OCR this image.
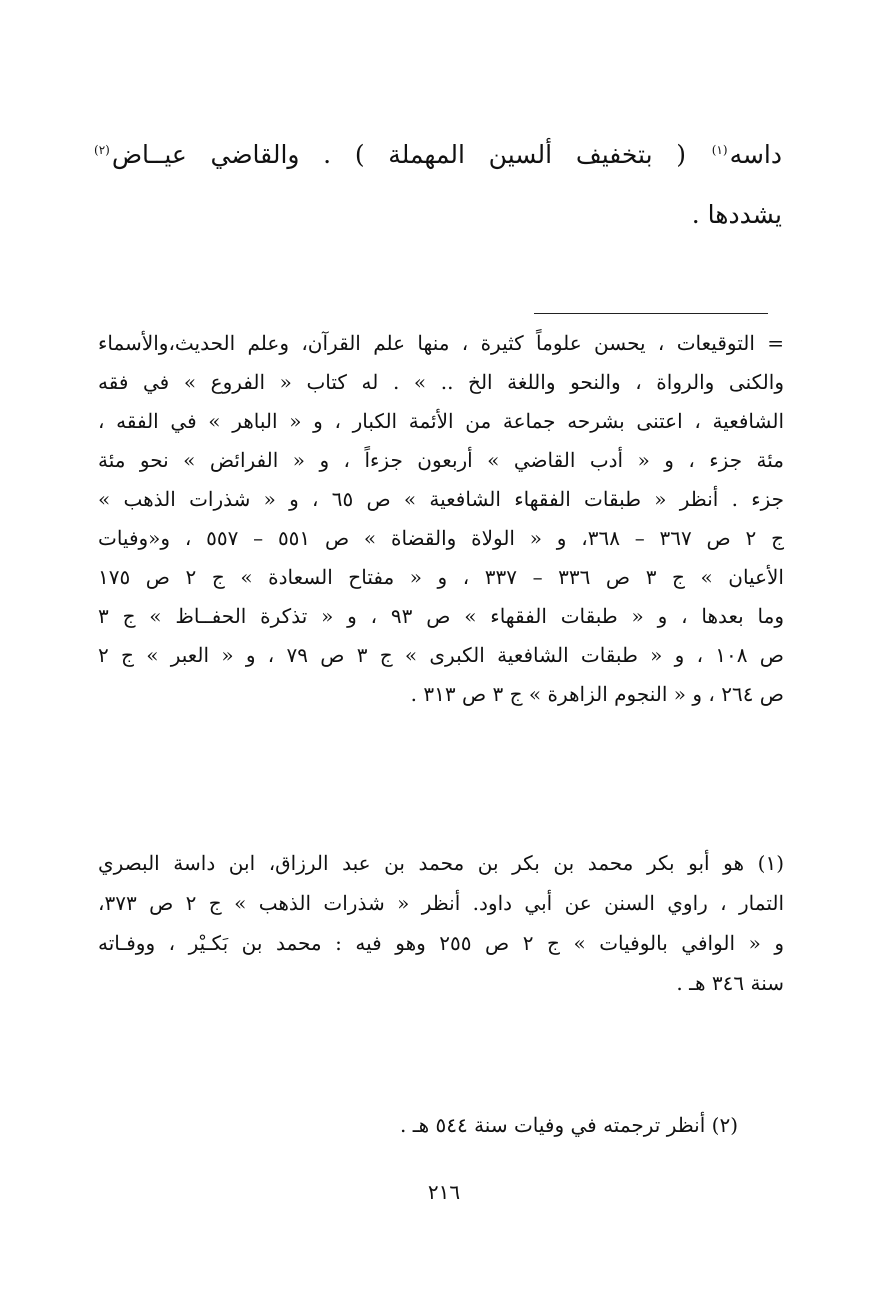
داسه$^{(١)}$ ( بتخفيف ألسين المهملة ) . والقاضي عيــاض$^{(٢)}$
يشددها .
= التوقيعات ، يحسن علوماً كثيرة ، منها علم القرآن، وعلم الحديث،والأسماء
والكنى والرواة ، والنحو واللغة الخ .. » . له كتاب « الفروع » في فقه
الشافعية ، اعتنى بشرحه جماعة من الأئمة الكبار ، و « الباهر » في الفقه ،
مئة جزء ، و « أدب القاضي » أربعون جزءاً ، و « الفرائض » نحو مئة
جزء . أنظر « طبقات الفقهاء الشافعية » ص ٦٥ ، و « شذرات الذهب »
ج ٢ ص ٣٦٧ – ٣٦٨، و « الولاة والقضاة » ص ٥٥١ – ٥٥٧ ، و«وفيات
الأعيان » ج ٣ ص ٣٣٦ – ٣٣٧ ، و « مفتاح السعادة » ج ٢ ص ١٧٥
وما بعدها ، و « طبقات الفقهاء » ص ٩٣ ، و « تذكرة الحفــاظ » ج ٣
ص ١٠٨ ، و « طبقات الشافعية الكبرى » ج ٣ ص ٧٩ ، و « العبر » ج ٢
ص ٢٦٤ ، و « النجوم الزاهرة » ج ٣ ص ٣١٣ .
(١) هو أبو بكر محمد بن بكر بن محمد بن عبد الرزاق، ابن داسة البصري
التمار ، راوي السنن عن أبي داود. أنظر « شذرات الذهب » ج ٢ ص ٣٧٣،
و « الوافي بالوفيات » ج ٢ ص ٢٥٥ وهو فيه : محمد بن بَكـيْر ، ووفـاته
سنة ٣٤٦ هـ .
(٢) أنظر ترجمته في وفيات سنة ٥٤٤ هـ .
٢١٦
